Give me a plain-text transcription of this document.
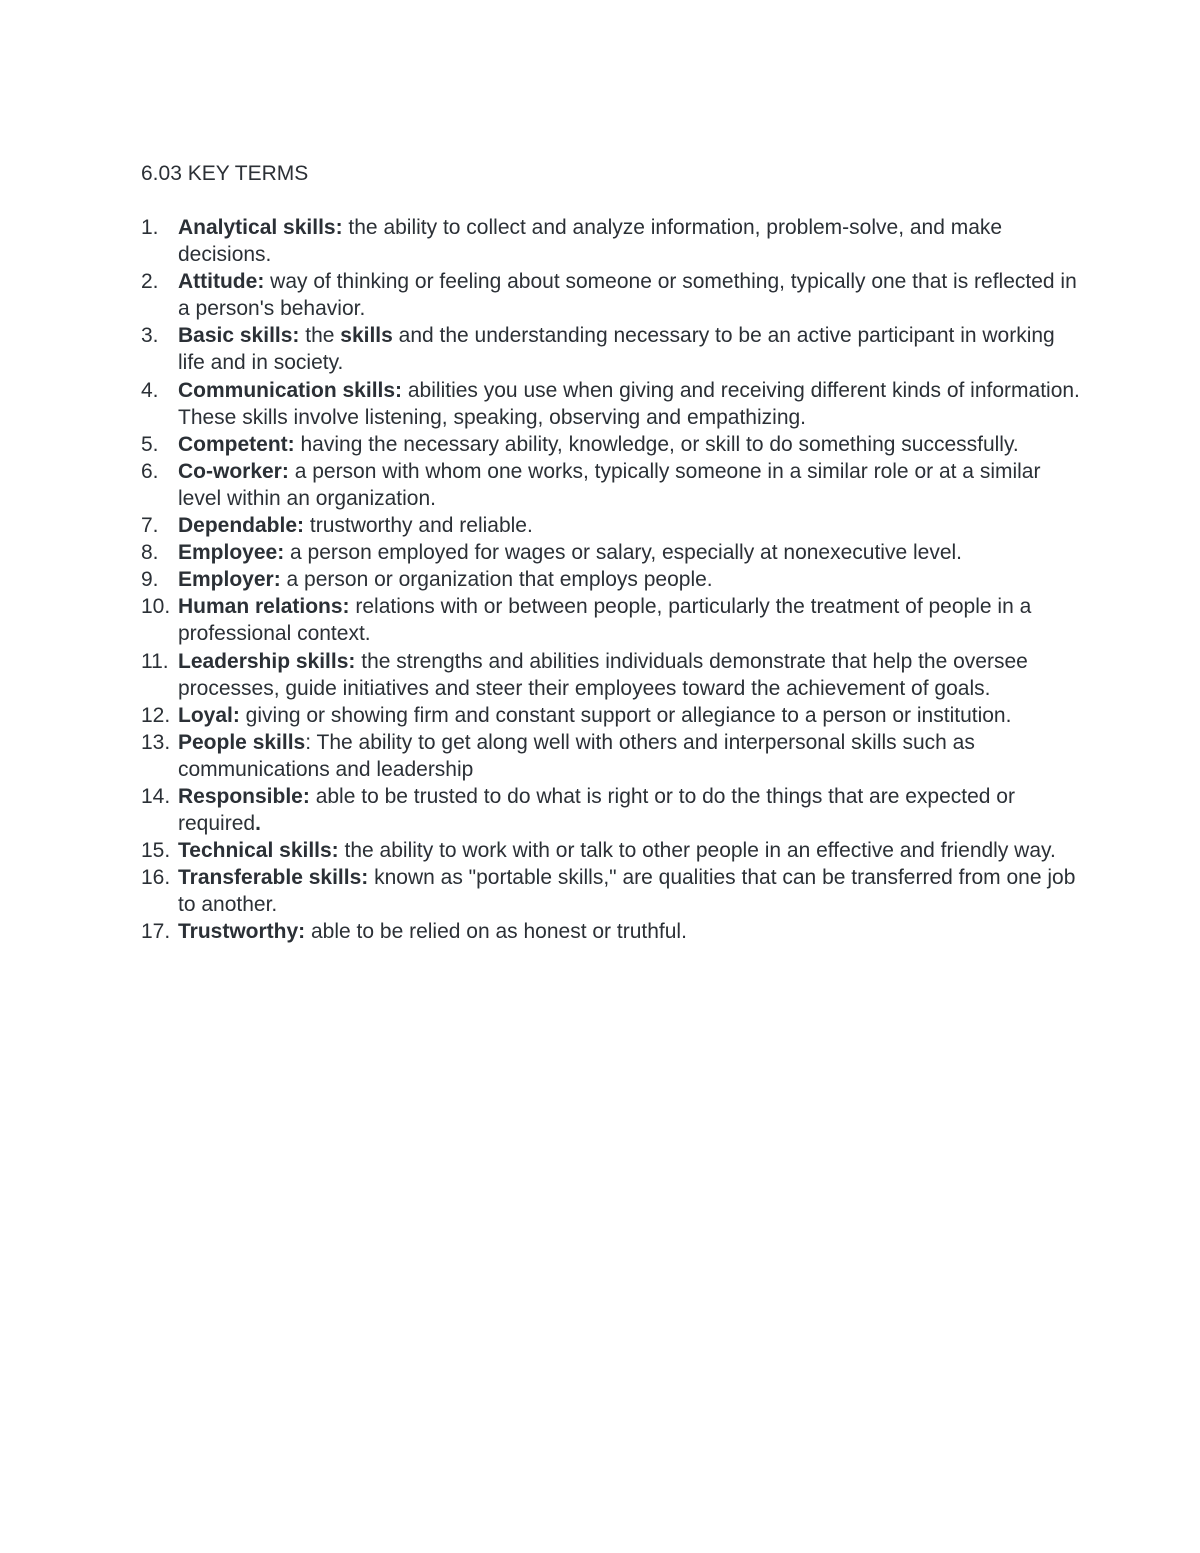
6.03 KEY TERMS
1. Analytical skills: the ability to collect and analyze information, problem-solve, and make decisions.
2. Attitude: way of thinking or feeling about someone or something, typically one that is reflected in a person's behavior.
3. Basic skills: the skills and the understanding necessary to be an active participant in working life and in society.
4. Communication skills: abilities you use when giving and receiving different kinds of information. These skills involve listening, speaking, observing and empathizing.
5. Competent: having the necessary ability, knowledge, or skill to do something successfully.
6. Co-worker: a person with whom one works, typically someone in a similar role or at a similar level within an organization.
7. Dependable: trustworthy and reliable.
8. Employee: a person employed for wages or salary, especially at nonexecutive level.
9. Employer: a person or organization that employs people.
10. Human relations: relations with or between people, particularly the treatment of people in a professional context.
11. Leadership skills: the strengths and abilities individuals demonstrate that help the oversee processes, guide initiatives and steer their employees toward the achievement of goals.
12. Loyal: giving or showing firm and constant support or allegiance to a person or institution.
13. People skills: The ability to get along well with others and interpersonal skills such as communications and leadership
14. Responsible: able to be trusted to do what is right or to do the things that are expected or required.
15. Technical skills: the ability to work with or talk to other people in an effective and friendly way.
16. Transferable skills: known as "portable skills," are qualities that can be transferred from one job to another.
17. Trustworthy: able to be relied on as honest or truthful.
